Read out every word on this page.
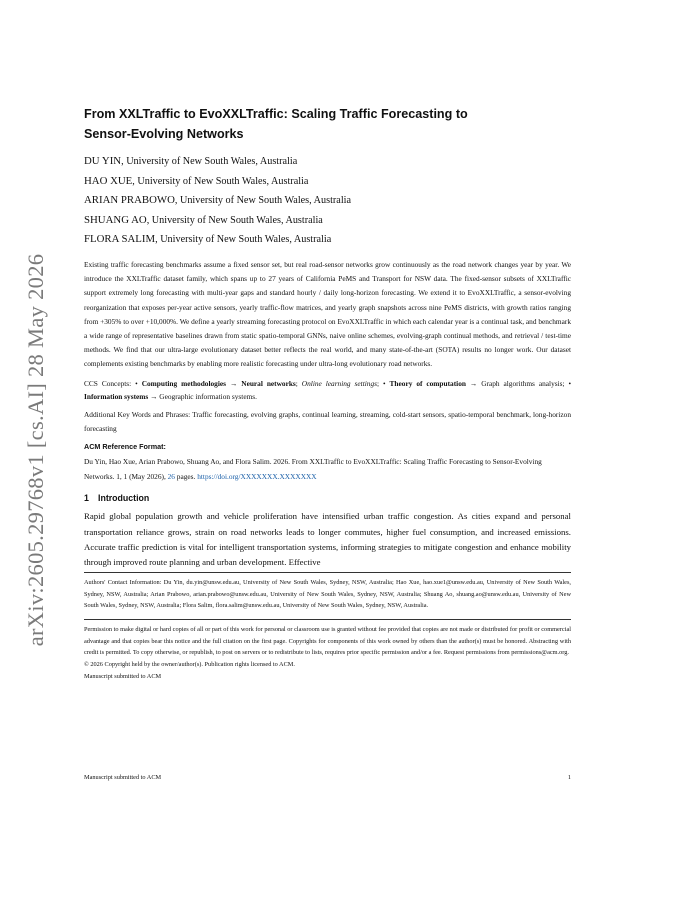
arXiv:2605.29768v1 [cs.AI] 28 May 2026
From XXLTraffic to EvoXXLTraffic: Scaling Traffic Forecasting to
Sensor-Evolving Networks
DU YIN, University of New South Wales, Australia
HAO XUE, University of New South Wales, Australia
ARIAN PRABOWO, University of New South Wales, Australia
SHUANG AO, University of New South Wales, Australia
FLORA SALIM, University of New South Wales, Australia

Existing traffic forecasting benchmarks assume a fixed sensor set, but real road-sensor networks grow continuously as the road network changes year by year. We introduce the XXLTraffic dataset family, which spans up to 27 years of California PeMS and Transport for NSW data. The fixed-sensor subsets of XXLTraffic support extremely long forecasting with multi-year gaps and standard hourly / daily long-horizon forecasting. We extend it to EvoXXLTraffic, a sensor-evolving reorganization that exposes per-year active sensors, yearly traffic-flow matrices, and yearly graph snapshots across nine PeMS districts, with growth ratios ranging from +305% to over +10,000%. We define a yearly streaming forecasting protocol on EvoXXLTraffic in which each calendar year is a continual task, and benchmark a wide range of representative baselines drawn from static spatio-temporal GNNs, naive online schemes, evolving-graph continual methods, and retrieval / test-time methods. We find that our ultra-large evolutionary dataset better reflects the real world, and many state-of-the-art (SOTA) results no longer work. Our dataset complements existing benchmarks by enabling more realistic forecasting under ultra-long evolutionary road networks.

CCS Concepts: • Computing methodologies → Neural networks; Online learning settings; • Theory of computation → Graph algorithms analysis; • Information systems → Geographic information systems.

Additional Key Words and Phrases: Traffic forecasting, evolving graphs, continual learning, streaming, cold-start sensors, spatio-temporal benchmark, long-horizon forecasting

ACM Reference Format:

Du Yin, Hao Xue, Arian Prabowo, Shuang Ao, and Flora Salim. 2026. From XXLTraffic to EvoXXLTraffic: Scaling Traffic Forecasting to Sensor-Evolving Networks. 1, 1 (May 2026), 26 pages. https://doi.org/XXXXXXX.XXXXXXX

1 Introduction

Rapid global population growth and vehicle proliferation have intensified urban traffic congestion. As cities expand and personal transportation reliance grows, strain on road networks leads to longer commutes, higher fuel consumption, and increased emissions. Accurate traffic prediction is vital for intelligent transportation systems, informing strategies to mitigate congestion and enhance mobility through improved route planning and urban development. Effective

Authors' Contact Information: Du Yin, du.yin@unsw.edu.au, University of New South Wales, Sydney, NSW, Australia; Hao Xue, hao.xue1@unsw.edu.au, University of New South Wales, Sydney, NSW, Australia; Arian Prabowo, arian.prabowo@unsw.edu.au, University of New South Wales, Sydney, NSW, Australia; Shuang Ao, shuang.ao@unsw.edu.au, University of New South Wales, Sydney, NSW, Australia; Flora Salim, flora.salim@unsw.edu.au, University of New South Wales, Sydney, NSW, Australia.

Permission to make digital or hard copies of all or part of this work for personal or classroom use is granted without fee provided that copies are not made or distributed for profit or commercial advantage and that copies bear this notice and the full citation on the first page. Copyrights for components of this work owned by others than the author(s) must be honored. Abstracting with credit is permitted. To copy otherwise, or republish, to post on servers or to redistribute to lists, requires prior specific permission and/or a fee. Request permissions from permissions@acm.org.

© 2026 Copyright held by the owner/author(s). Publication rights licensed to ACM.

Manuscript submitted to ACM

Manuscript submitted to ACM	1
